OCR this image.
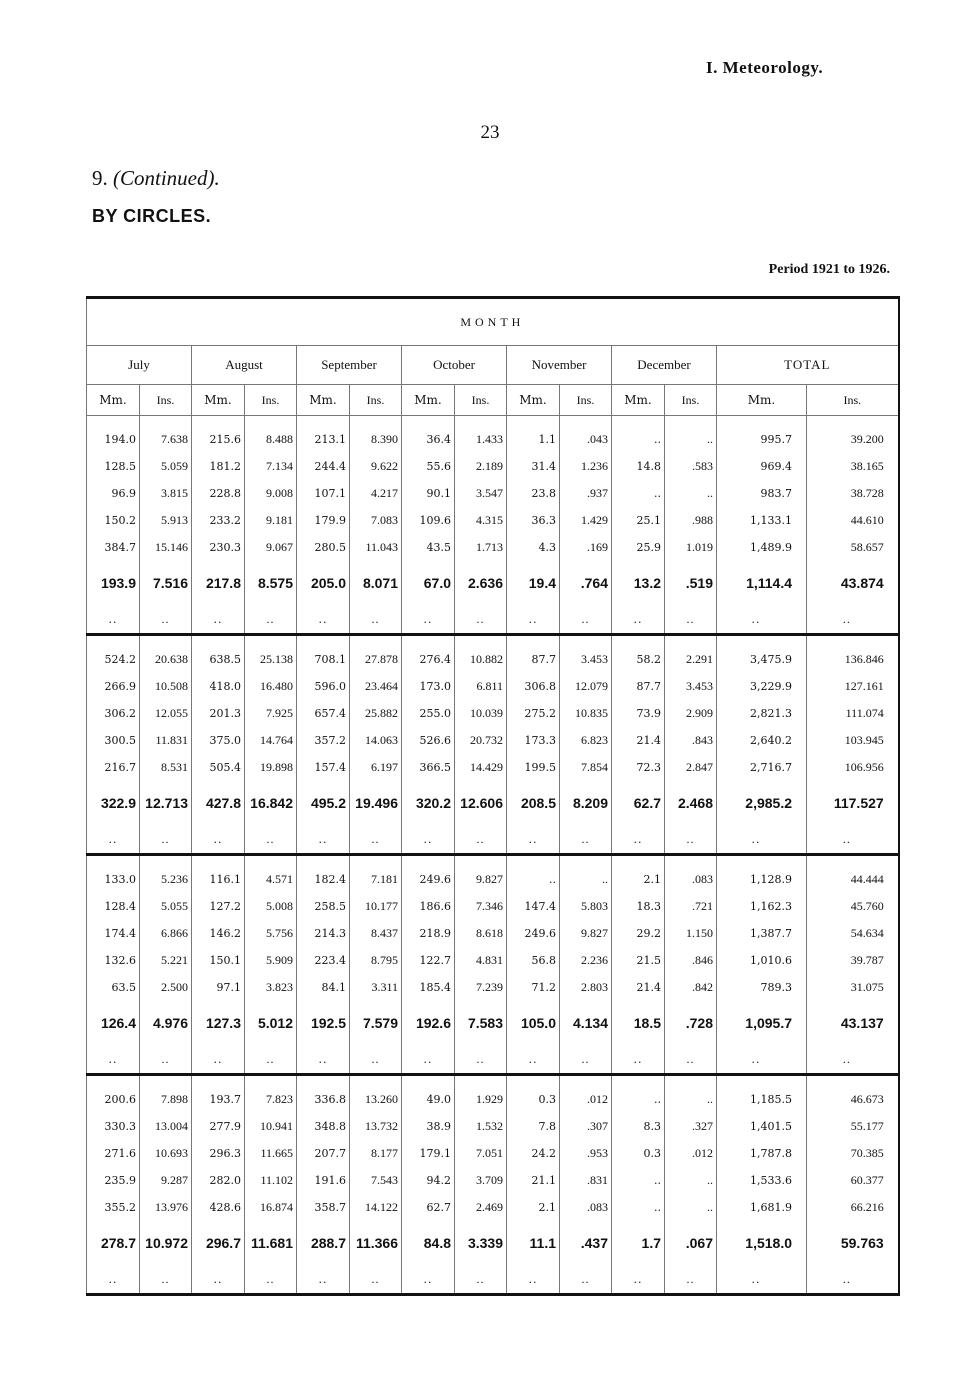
I. Meteorology.
23
9. (Continued).
BY CIRCLES.
Period 1921 to 1926.
MONTH													
July		August		September		October		November		December		TOTAL	
Mm.	Ins.	Mm.	Ins.	Mm.	Ins.	Mm.	Ins.	Mm.	Ins.	Mm.	Ins.	Mm.	Ins.
194.0	7.638	215.6	8.488	213.1	8.390	36.4	1.433	1.1	.043	..	..	995.7	39.200
128.5	5.059	181.2	7.134	244.4	9.622	55.6	2.189	31.4	1.236	14.8	.583	969.4	38.165
96.9	3.815	228.8	9.008	107.1	4.217	90.1	3.547	23.8	.937	..	..	983.7	38.728
150.2	5.913	233.2	9.181	179.9	7.083	109.6	4.315	36.3	1.429	25.1	.988	1,133.1	44.610
384.7	15.146	230.3	9.067	280.5	11.043	43.5	1.713	4.3	.169	25.9	1.019	1,489.9	58.657
193.9	7.516	217.8	8.575	205.0	8.071	67.0	2.636	19.4	.764	13.2	.519	1,114.4	43.874
..	..	..	..	..	..	..	..	..	..	..	..	..	..
524.2	20.638	638.5	25.138	708.1	27.878	276.4	10.882	87.7	3.453	58.2	2.291	3,475.9	136.846
266.9	10.508	418.0	16.480	596.0	23.464	173.0	6.811	306.8	12.079	87.7	3.453	3,229.9	127.161
306.2	12.055	201.3	7.925	657.4	25.882	255.0	10.039	275.2	10.835	73.9	2.909	2,821.3	111.074
300.5	11.831	375.0	14.764	357.2	14.063	526.6	20.732	173.3	6.823	21.4	.843	2,640.2	103.945
216.7	8.531	505.4	19.898	157.4	6.197	366.5	14.429	199.5	7.854	72.3	2.847	2,716.7	106.956
322.9	12.713	427.8	16.842	495.2	19.496	320.2	12.606	208.5	8.209	62.7	2.468	2,985.2	117.527
..	..	..	..	..	..	..	..	..	..	..	..	..	..
133.0	5.236	116.1	4.571	182.4	7.181	249.6	9.827	..	..	2.1	.083	1,128.9	44.444
128.4	5.055	127.2	5.008	258.5	10.177	186.6	7.346	147.4	5.803	18.3	.721	1,162.3	45.760
174.4	6.866	146.2	5.756	214.3	8.437	218.9	8.618	249.6	9.827	29.2	1.150	1,387.7	54.634
132.6	5.221	150.1	5.909	223.4	8.795	122.7	4.831	56.8	2.236	21.5	.846	1,010.6	39.787
63.5	2.500	97.1	3.823	84.1	3.311	185.4	7.239	71.2	2.803	21.4	.842	789.3	31.075
126.4	4.976	127.3	5.012	192.5	7.579	192.6	7.583	105.0	4.134	18.5	.728	1,095.7	43.137
..	..	..	..	..	..	..	..	..	..	..	..	..	..
200.6	7.898	193.7	7.823	336.8	13.260	49.0	1.929	0.3	.012	..	..	1,185.5	46.673
330.3	13.004	277.9	10.941	348.8	13.732	38.9	1.532	7.8	.307	8.3	.327	1,401.5	55.177
271.6	10.693	296.3	11.665	207.7	8.177	179.1	7.051	24.2	.953	0.3	.012	1,787.8	70.385
235.9	9.287	282.0	11.102	191.6	7.543	94.2	3.709	21.1	.831	..	..	1,533.6	60.377
355.2	13.976	428.6	16.874	358.7	14.122	62.7	2.469	2.1	.083	..	..	1,681.9	66.216
278.7	10.972	296.7	11.681	288.7	11.366	84.8	3.339	11.1	.437	1.7	.067	1,518.0	59.763
..	..	..	..	..	..	..	..	..	..	..	..	..	..
